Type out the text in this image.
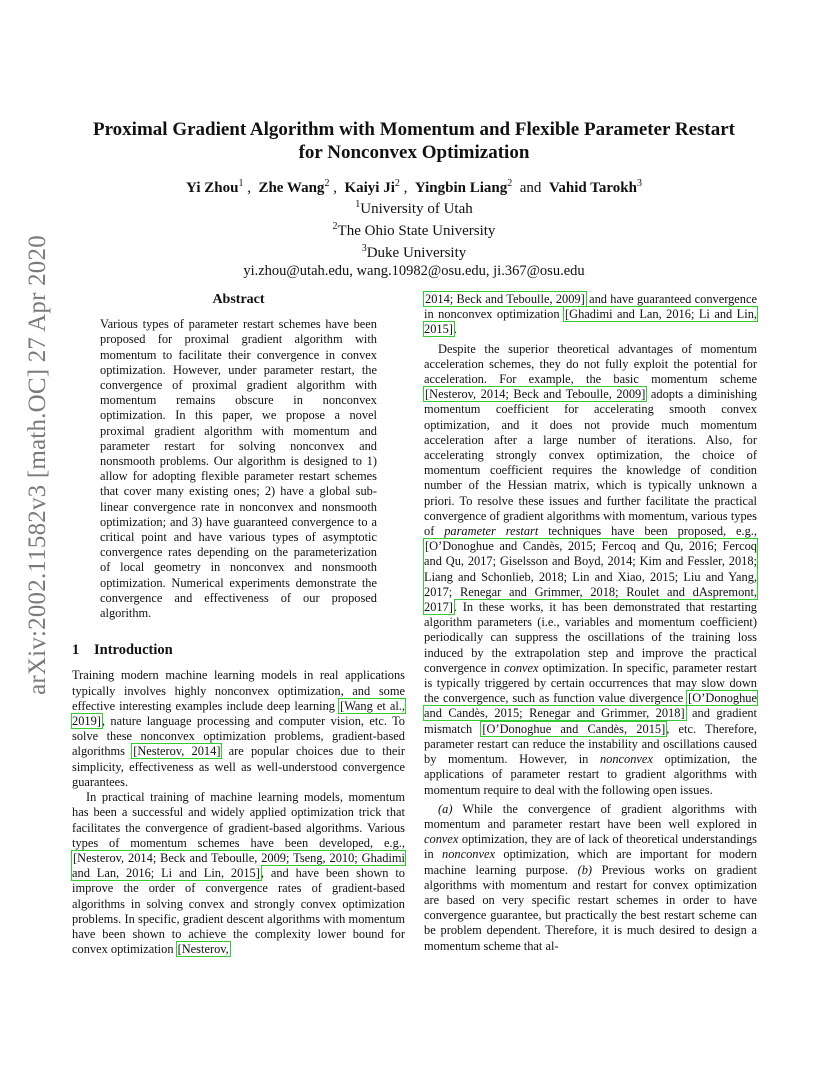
arXiv:2002.11582v3 [math.OC] 27 Apr 2020
Proximal Gradient Algorithm with Momentum and Flexible Parameter Restart
for Nonconvex Optimization
Yi Zhou$^1$ ,  Zhe Wang$^2$ ,  Kaiyi Ji$^2$ ,  Yingbin Liang$^2$ and Vahid Tarokh$^3$
$^1$University of Utah
$^2$The Ohio State University
$^3$Duke University
yi.zhou@utah.edu, wang.10982@osu.edu, ji.367@osu.edu
Abstract

Various types of parameter restart schemes have been proposed for proximal gradient algorithm with momentum to facilitate their convergence in convex optimization. However, under parameter restart, the convergence of proximal gradient algorithm with momentum remains obscure in nonconvex optimization. In this paper, we propose a novel proximal gradient algorithm with momentum and parameter restart for solving nonconvex and nonsmooth problems. Our algorithm is designed to 1) allow for adopting flexible parameter restart schemes that cover many existing ones; 2) have a global sub-linear convergence rate in nonconvex and nonsmooth optimization; and 3) have guaranteed convergence to a critical point and have various types of asymptotic convergence rates depending on the parameterization of local geometry in nonconvex and nonsmooth optimization. Numerical experiments demonstrate the convergence and effectiveness of our proposed algorithm.

1 Introduction

Training modern machine learning models in real applications typically involves highly nonconvex optimization, and some effective interesting examples include deep learning [Wang et al., 2019], nature language processing and computer vision, etc. To solve these nonconvex optimization problems, gradient-based algorithms [Nesterov, 2014] are popular choices due to their simplicity, effectiveness as well as well-understood convergence guarantees.

In practical training of machine learning models, momentum has been a successful and widely applied optimization trick that facilitates the convergence of gradient-based algorithms. Various types of momentum schemes have been developed, e.g., [Nesterov, 2014; Beck and Teboulle, 2009; Tseng, 2010; Ghadimi and Lan, 2016; Li and Lin, 2015], and have been shown to improve the order of convergence rates of gradient-based algorithms in solving convex and strongly convex optimization problems. In specific, gradient descent algorithms with momentum have been shown to achieve the complexity lower bound for convex optimization [Nesterov,

2014; Beck and Teboulle, 2009] and have guaranteed convergence in nonconvex optimization [Ghadimi and Lan, 2016; Li and Lin, 2015].

Despite the superior theoretical advantages of momentum acceleration schemes, they do not fully exploit the potential for acceleration. For example, the basic momentum scheme [Nesterov, 2014; Beck and Teboulle, 2009] adopts a diminishing momentum coefficient for accelerating smooth convex optimization, and it does not provide much momentum acceleration after a large number of iterations. Also, for accelerating strongly convex optimization, the choice of momentum coefficient requires the knowledge of condition number of the Hessian matrix, which is typically unknown a priori. To resolve these issues and further facilitate the practical convergence of gradient algorithms with momentum, various types of parameter restart techniques have been proposed, e.g., [O’Donoghue and Candès, 2015; Fercoq and Qu, 2016; Fercoq and Qu, 2017; Giselsson and Boyd, 2014; Kim and Fessler, 2018; Liang and Schonlieb, 2018; Lin and Xiao, 2015; Liu and Yang, 2017; Renegar and Grimmer, 2018; Roulet and dAspremont, 2017]. In these works, it has been demonstrated that restarting algorithm parameters (i.e., variables and momentum coefficient) periodically can suppress the oscillations of the training loss induced by the extrapolation step and improve the practical convergence in convex optimization. In specific, parameter restart is typically triggered by certain occurrences that may slow down the convergence, such as function value divergence [O’Donoghue and Candès, 2015; Renegar and Grimmer, 2018] and gradient mismatch [O’Donoghue and Candès, 2015], etc. Therefore, parameter restart can reduce the instability and oscillations caused by momentum. However, in nonconvex optimization, the applications of parameter restart to gradient algorithms with momentum require to deal with the following open issues.

(a) While the convergence of gradient algorithms with momentum and parameter restart have been well explored in convex optimization, they are of lack of theoretical understandings in nonconvex optimization, which are important for modern machine learning purpose. (b) Previous works on gradient algorithms with momentum and restart for convex optimization are based on very specific restart schemes in order to have convergence guarantee, but practically the best restart scheme can be problem dependent. Therefore, it is much desired to design a momentum scheme that al-
